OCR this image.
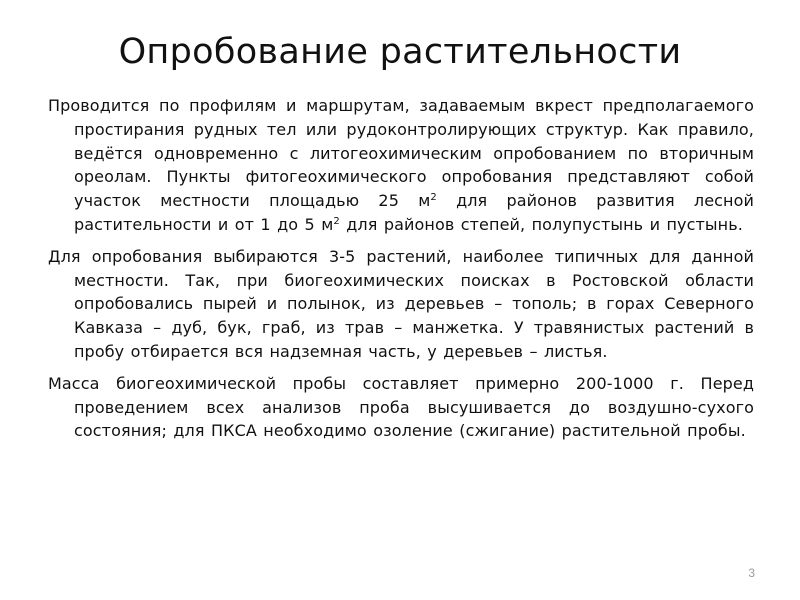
Опробование растительности

Проводится по профилям и маршрутам, задаваемым вкрест предполагаемого простирания рудных тел или рудоконтролирующих структур. Как правило, ведётся одновременно с литогеохимическим опробованием по вторичным ореолам. Пункты фитогеохимического опробования представляют собой участок местности площадью 25 $м^2$ для районов развития лесной растительности и от 1 до 5 $м^2$ для районов степей, полупустынь и пустынь.

Для опробования выбираются 3-5 растений, наиболее типичных для данной местности. Так, при биогеохимических поисках в Ростовской области опробовались пырей и полынок, из деревьев – тополь; в горах Северного Кавказа – дуб, бук, граб, из трав – манжетка. У травянистых растений в пробу отбирается вся надземная часть, у деревьев – листья.

Масса биогеохимической пробы составляет примерно 200-1000 г. Перед проведением всех анализов проба высушивается до воздушно-сухого состояния; для ПКСА необходимо озоление (сжигание) растительной пробы.

3
